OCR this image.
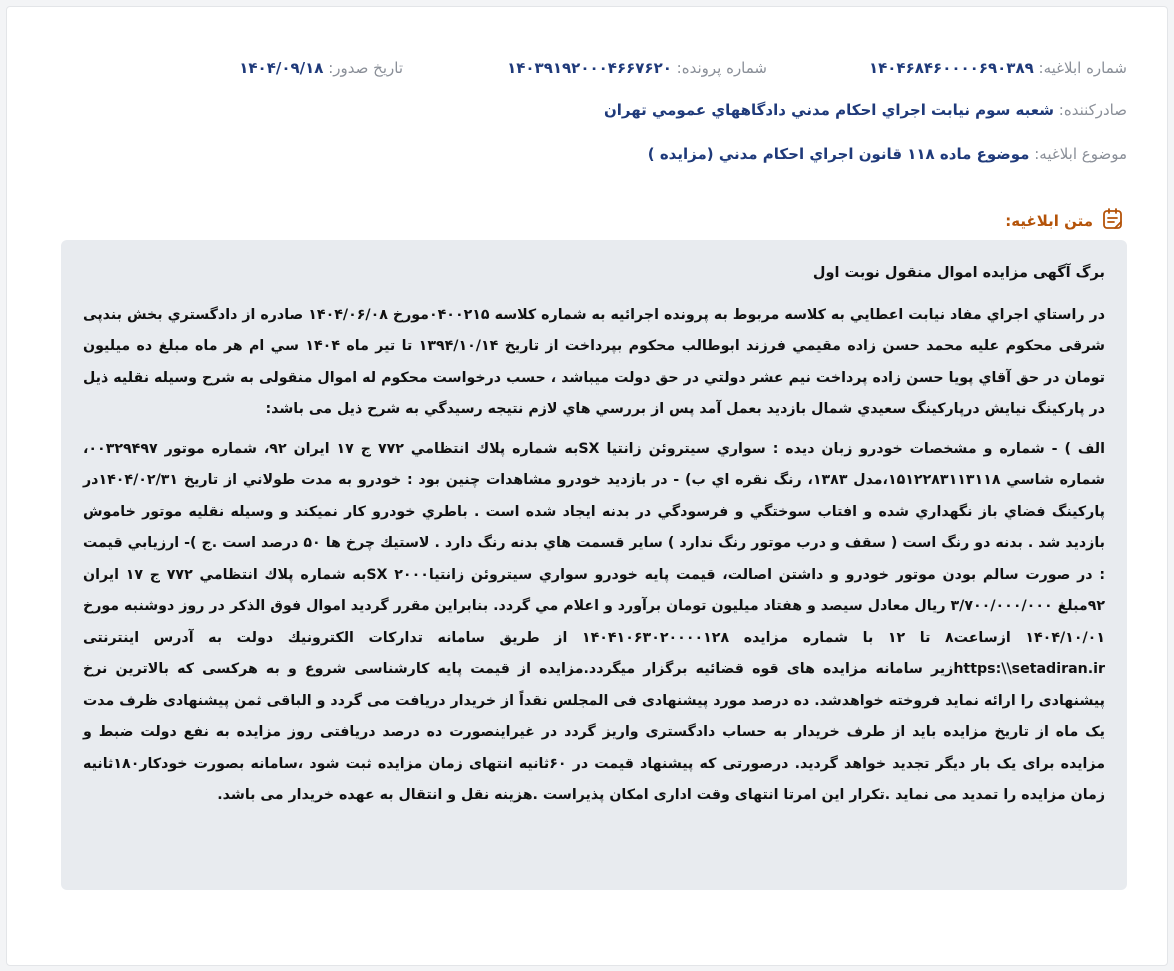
شماره ابلاغیه: ۱۴۰۴۶۸۴۶۰۰۰۰۶۹۰۳۸۹
شماره پرونده: ۱۴۰۳۹۱۹۲۰۰۰۴۶۶۷۶۲۰
تاریخ صدور: ۱۴۰۴/۰۹/۱۸
صادرکننده: شعبه سوم نيابت اجراي احکام مدني دادگاههاي عمومي تهران
موضوع ابلاغیه: موضوع ماده ۱۱۸ قانون اجراي احکام مدني (مزايده )
متن ابلاغیه:
برگ آگهی مزايده اموال منقول نوبت اول

در راستاي اجراي مفاد نيابت اعطايي به كلاسه مربوط به پرونده اجرائيه به شماره كلاسه ۰۴۰۰۲۱۵مورخ ۱۴۰۴/۰۶/۰۸ صادره از دادگستري بخش بندپی شرقی محکوم علیه محمد حسن زاده مقيمي فرزند ابوطالب محکوم بپرداخت از تاريخ ۱۳۹۴/۱۰/۱۴ تا تير ماه ۱۴۰۴ سي ام هر ماه مبلغ ده ميليون تومان در حق آقاي پويا حسن زاده پرداخت نيم عشر دولتي در حق دولت ميباشد ، حسب درخواست محكوم له اموال منقولی به شرح وسيله نقليه ذيل در پارکينگ نيايش درپارکينگ سعيدي شمال بازديد بعمل آمد پس از بررسي هاي لازم نتيجه رسيدگي به شرح ذيل می باشد:

الف ) - شماره و مشخصات خودرو زبان ديده : سواري سيتروئن زانتيا SXبه شماره پلاك انتظامي ۷۷۲ ج ۱۷ ايران ۹۲، شماره موتور ۰۰۳۲۹۴۹۷، شماره شاسي ۱۵۱۲۲۸۳۱۱۳۱۱۸،مدل ۱۳۸۳، رنگ نقره اي ب) - در بازديد خودرو مشاهدات چنين بود : خودرو به مدت طولاني از تاريخ ۱۴۰۴/۰۲/۳۱در پاركينگ فضاي باز نگهداري شده و افتاب سوختگي و فرسودگي در بدنه ايجاد شده است . باطري خودرو كار نميكند و وسيله نقليه موتور خاموش بازديد شد . بدنه دو رنگ است ( سقف و درب موتور رنگ ندارد ) ساير قسمت هاي بدنه رنگ دارد . لاستيك چرخ ها ۵۰ درصد است .ج )- ارزيابي قيمت : در صورت سالم بودن موتور خودرو و داشتن اصالت، قيمت پايه خودرو سواري سيتروئن زانتيا۲۰۰۰ SXبه شماره پلاك انتظامي ۷۷۲ ج ۱۷ ايران ۹۲مبلغ ۳/۷۰۰/۰۰۰/۰۰۰ ريال معادل سيصد و هفتاد ميليون تومان برآورد و اعلام مي گردد. بنابراين مقرر گرديد اموال فوق الذكر در روز دوشنبه مورخ ۱۴۰۴/۱۰/۰۱ ازساعت۸ تا ۱۲ با شماره مزايده ۱۴۰۴۱۰۶۳۰۲۰۰۰۰۱۲۸ از طريق سامانه تداركات الكترونيك دولت به آدرس اينترنتی https:\\setadiran.irزير سامانه مزايده های قوه قضائيه برگزار ميگردد.مزايده از قيمت پايه كارشناسی شروع و به هركسی كه بالاترين نرخ پيشنهادی را ارائه نمايد فروخته خواهدشد. ده درصد مورد پيشنهادی فی المجلس نقداً از خريدار دريافت می گردد و الباقی ثمن پيشنهادی ظرف مدت يک ماه از تاريخ مزايده بايد از طرف خريدار به حساب دادگستری واريز گردد در غيراينصورت ده درصد دريافتی روز مزايده به نفع دولت ضبط و مزايده برای يک بار ديگر تجديد خواهد گرديد. درصورتی كه پيشنهاد قيمت در ۶۰ثانيه انتهای زمان مزايده ثبت شود ،سامانه بصورت خودكار۱۸۰ثانيه زمان مزايده را تمديد می نمايد .تكرار اين امرتا انتهای وقت اداری امكان پذيراست .هزينه نقل و انتقال به عهده خريدار می باشد.
